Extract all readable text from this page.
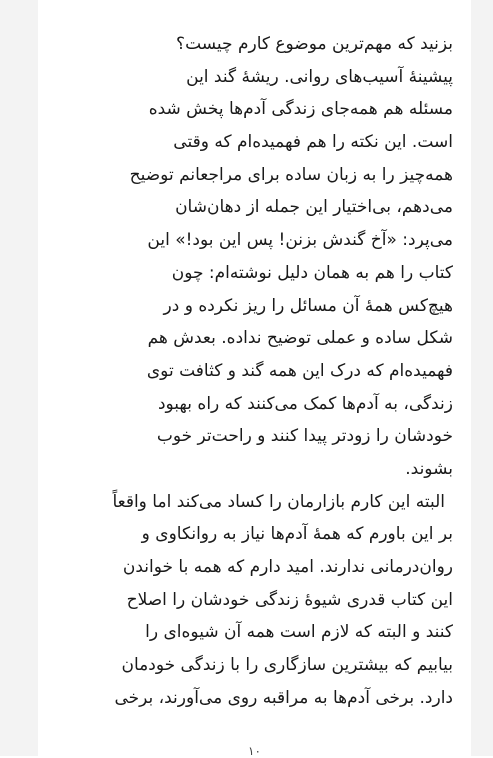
بزنید که مهم‌ترین موضوع کارم چیست؟
پیشینهٔ آسیب‌های روانی. ریشهٔ گند این
مسئله هم همه‌جای زندگی آدم‌ها پخش شده
است. این نکته را هم فهمیده‌ام که وقتی
همه‌چیز را به زبان ساده برای مراجعانم توضیح
می‌دهم، بی‌اختیار این جمله از دهان‌شان
می‌پرد: «آخ گندش بزنن! پس این بود!» این
کتاب را هم به همان دلیل نوشته‌ام: چون
هیچ‌کس همهٔ آن مسائل را ریز نکرده و در
شکل ساده و عملی توضیح نداده. بعدش هم
فهمیده‌ام که درک این همه گند و کثافت توی
زندگی، به آدم‌ها کمک می‌کنند که راه بهبود
خودشان را زودتر پیدا کنند و راحت‌تر خوب
بشوند.
البته این کارم بازارمان را کساد می‌کند اما واقعاً
بر این باورم که همهٔ آدم‌ها نیاز به روانکاوی و
روان‌درمانی ندارند. امید دارم که همه با خواندن
این کتاب قدری شیوهٔ زندگی خودشان را اصلاح
کنند و البته که لازم است همه آن شیوه‌ای را
بیابیم که بیشترین سازگاری را با زندگی خودمان
دارد. برخی آدم‌ها به مراقبه روی می‌آورند، برخی
۱۰
